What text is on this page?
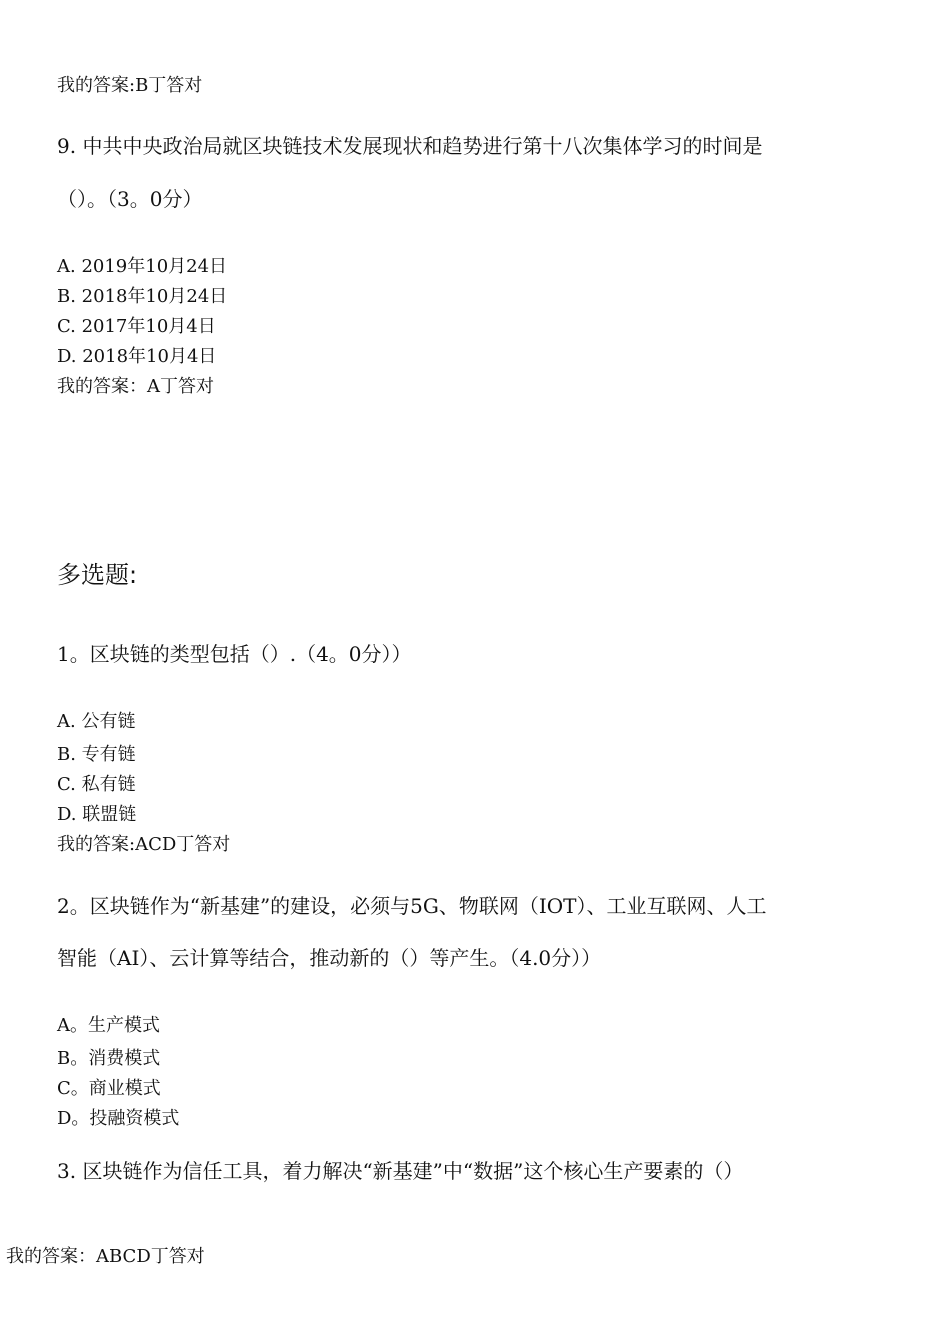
我的答案:B丁答对
9. 中共中央政治局就区块链技术发展现状和趋势进行第十八次集体学习的时间是
（）。（3。0分）
A. 2019年10月24日
B. 2018年10月24日
C. 2017年10月4日
D. 2018年10月4日
我的答案：A丁答对
多选题:
1。区块链的类型包括（）.（4。0分））
A. 公有链
B. 专有链
C. 私有链
D. 联盟链
我的答案:ACD丁答对
2。区块链作为“新基建”的建设，必须与5G、物联网（IOT）、工业互联网、人工
智能（AI）、云计算等结合，推动新的（）等产生。（4.0分））
A。生产模式
B。消费模式
C。商业模式
D。投融资模式
3. 区块链作为信任工具，着力解决“新基建”中“数据”这个核心生产要素的（）
我的答案：ABCD丁答对
